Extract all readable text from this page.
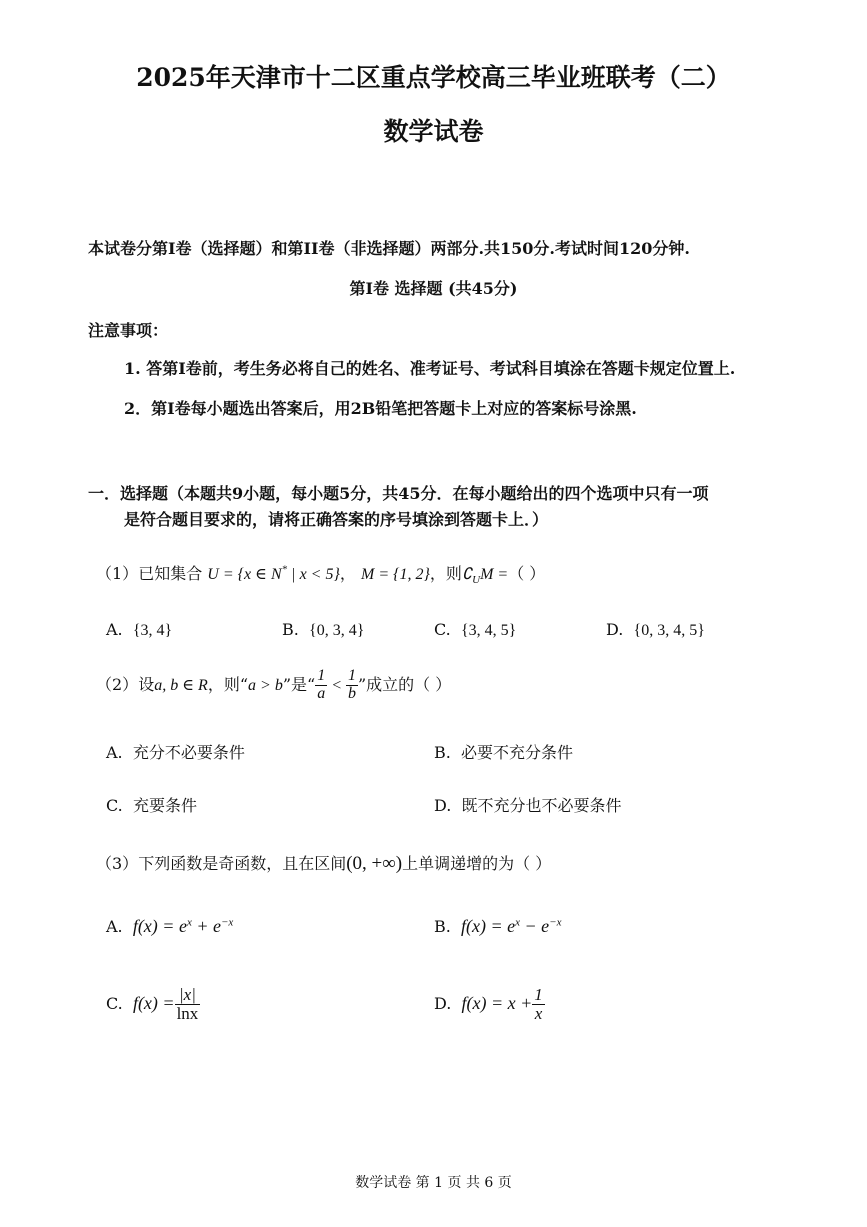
2025年天津市十二区重点学校高三毕业班联考（二）
数学试卷
本试卷分第I卷（选择题）和第II卷（非选择题）两部分.共150分.考试时间120分钟.
第I卷 选择题 (共45分)
注意事项：
1. 答第I卷前，考生务必将自己的姓名、准考证号、考试科目填涂在答题卡规定位置上.
2．第I卷每小题选出答案后，用2B铅笔把答题卡上对应的答案标号涂黑.
一．选择题（本题共9小题，每小题5分，共45分．在每小题给出的四个选项中只有一项
是符合题目要求的，请将正确答案的序号填涂到答题卡上．）
（1）已知集合 U = {x ∈ N* | x < 5}， M = {1, 2}，则$∁_UM$ =（ ）
A. {3, 4}	B. {0, 3, 4}	C. {3, 4, 5}	D. {0, 3, 4, 5}
（2）设a, b ∈ R，则“a > b”是“ $\frac{1}{a} < \frac{1}{b}$ ”成立的（ ）
A. 充分不必要条件	B. 必要不充分条件
C. 充要条件	D. 既不充分也不必要条件
（3）下列函数是奇函数，且在区间(0, +∞)上单调递增的为（ ）
A. $f(x) = e^x + e^{-x}$	B. $f(x) = e^x - e^{-x}$
C. $f(x) = \frac{|x|}{\ln x}$	D. $f(x) = x + \frac{1}{x}$
数学试卷 第 1 页 共 6 页
